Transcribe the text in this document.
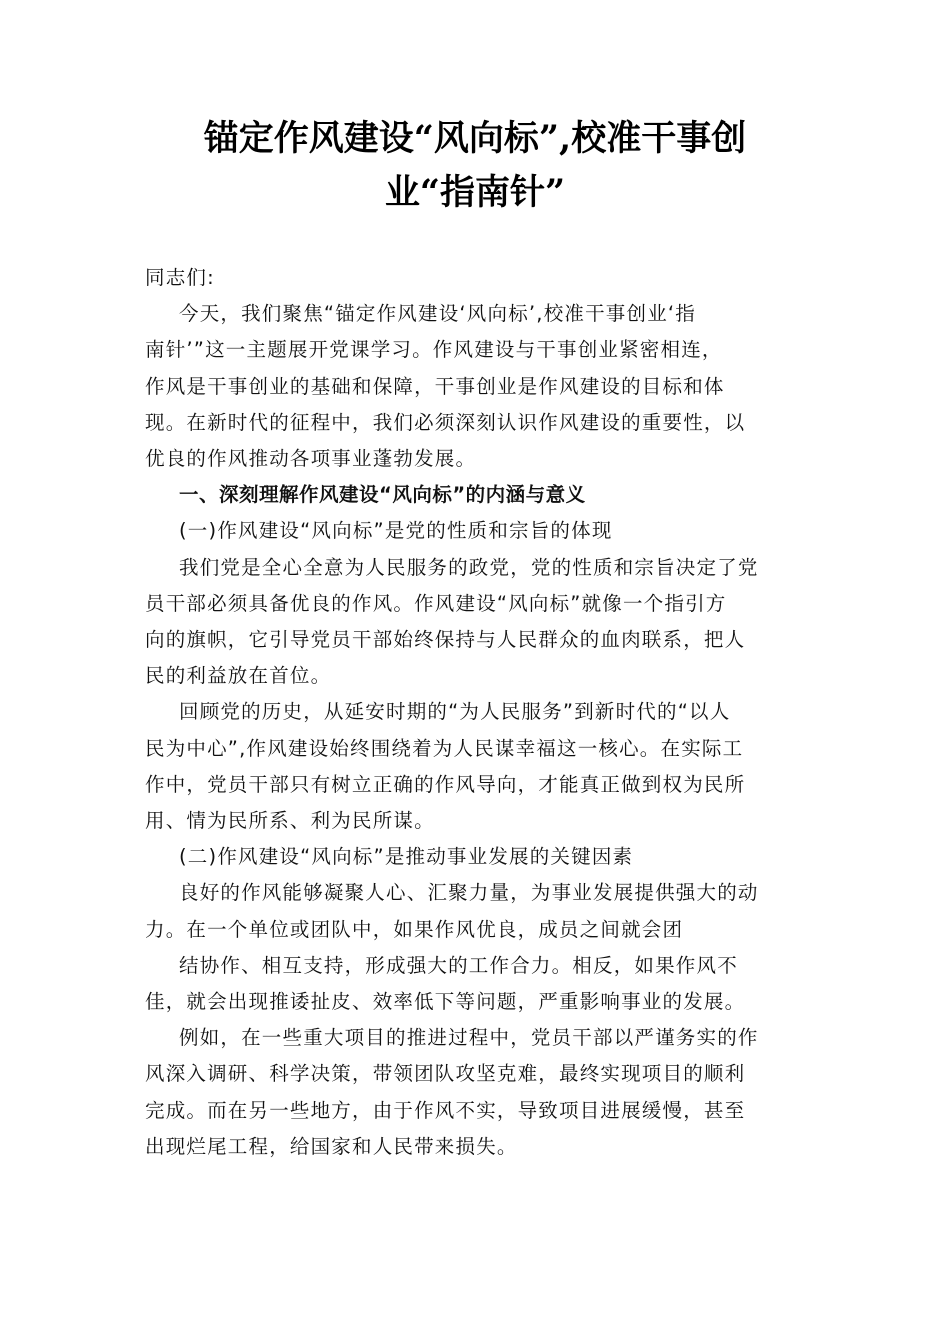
锚定作风建设“风向标”,校准干事创
业“指南针”
同志们:
今天，我们聚焦“锚定作风建设‘风向标’,校准干事创业‘指
南针’”这一主题展开党课学习。作风建设与干事创业紧密相连，
作风是干事创业的基础和保障，干事创业是作风建设的目标和体
现。在新时代的征程中，我们必须深刻认识作风建设的重要性，以
优良的作风推动各项事业蓬勃发展。
一、深刻理解作风建设“风向标”的内涵与意义
(一)作风建设“风向标”是党的性质和宗旨的体现
我们党是全心全意为人民服务的政党，党的性质和宗旨决定了党
员干部必须具备优良的作风。作风建设“风向标”就像一个指引方
向的旗帜，它引导党员干部始终保持与人民群众的血肉联系，把人
民的利益放在首位。
回顾党的历史，从延安时期的“为人民服务”到新时代的“以人
民为中心”,作风建设始终围绕着为人民谋幸福这一核心。在实际工
作中，党员干部只有树立正确的作风导向，才能真正做到权为民所
用、情为民所系、利为民所谋。
(二)作风建设“风向标”是推动事业发展的关键因素
良好的作风能够凝聚人心、汇聚力量，为事业发展提供强大的动
力。在一个单位或团队中，如果作风优良，成员之间就会团
结协作、相互支持，形成强大的工作合力。相反，如果作风不
佳，就会出现推诿扯皮、效率低下等问题，严重影响事业的发展。
例如，在一些重大项目的推进过程中，党员干部以严谨务实的作
风深入调研、科学决策，带领团队攻坚克难，最终实现项目的顺利
完成。而在另一些地方，由于作风不实，导致项目进展缓慢，甚至
出现烂尾工程，给国家和人民带来损失。
